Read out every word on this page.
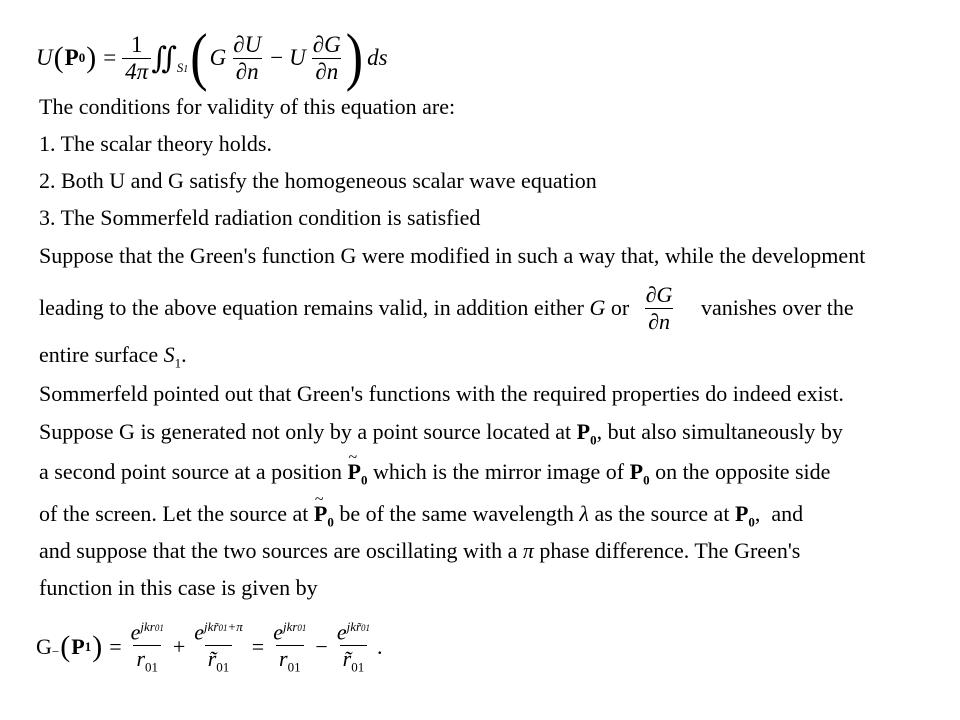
U ( P 0 ) = $\frac{1}{4\pi}$ ∬ $_{S1}$ ( G $\frac{\partial U}{\partial n} - U \frac{\partial G}{\partial n}$ ) ds
The conditions for validity of this equation are:
1. The scalar theory holds.
2. Both U and G satisfy the homogeneous scalar wave equation
3. The Sommerfeld radiation condition is satisfied
Suppose that the Green's function G were modified in such a way that, while the development
leading to the above equation remains valid, in addition either G or $\frac{\partial G}{\partial n}$ vanishes over the
entire surface $S_1$.
Sommerfeld pointed out that Green's functions with the required properties do indeed exist.
Suppose G is generated not only by a point source located at $P_0$, but also simultaneously by
a second point source at a position ~ $P_0$ which is the mirror image of $P_0$ on the opposite side
of the screen. Let the source at ~ $P_0$ be of the same wavelength λ as the source at $P_0$,  and
and suppose that the two sources are oscillating with a π phase difference. The Green's
function in this case is given by
$G_-$ ( P 1 ) = $\frac{e^{jkr01}}{r_{01}} + \frac{e^{jkr̃01+\pi}}{r̃_{01}} = \frac{e^{jkr01}}{r_{01}} - \frac{e^{jkr̃01}}{r̃_{01}}$ .
